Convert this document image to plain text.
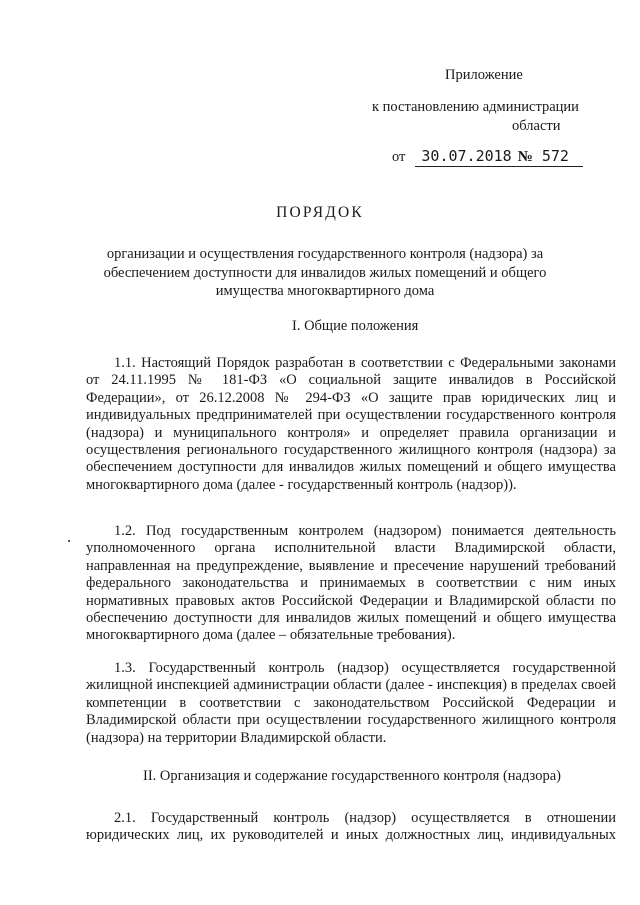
Приложение
к постановлению администрации
области
от 30.07.2018 № 572
ПОРЯДОК
организации и осуществления государственного контроля (надзора) за обеспечением доступности для инвалидов жилых помещений и общего имущества многоквартирного дома
I. Общие положения
1.1. Настоящий Порядок разработан в соответствии с Федеральными законами от 24.11.1995 № 181-ФЗ «О социальной защите инвалидов в Российской Федерации», от 26.12.2008 № 294-ФЗ «О защите прав юридических лиц и индивидуальных предпринимателей при осуществлении государственного контроля (надзора) и муниципального контроля» и определяет правила организации и осуществления регионального государственного жилищного контроля (надзора) за обеспечением доступности для инвалидов жилых помещений и общего имущества многоквартирного дома (далее - государственный контроль (надзор)).
1.2. Под государственным контролем (надзором) понимается деятельность уполномоченного органа исполнительной власти Владимирской области, направленная на предупреждение, выявление и пресечение нарушений требований федерального законодательства и принимаемых в соответствии с ним иных нормативных правовых актов Российской Федерации и Владимирской области по обеспечению доступности для инвалидов жилых помещений и общего имущества многоквартирного дома (далее – обязательные требования).
1.3. Государственный контроль (надзор) осуществляется государственной жилищной инспекцией администрации области (далее - инспекция) в пределах своей компетенции в соответствии с законодательством Российской Федерации и Владимирской области при осуществлении государственного жилищного контроля (надзора) на территории Владимирской области.
II. Организация и содержание государственного контроля (надзора)
2.1. Государственный контроль (надзор) осуществляется в отношении
юридических лиц, их руководителей и иных должностных лиц, индивидуальных
